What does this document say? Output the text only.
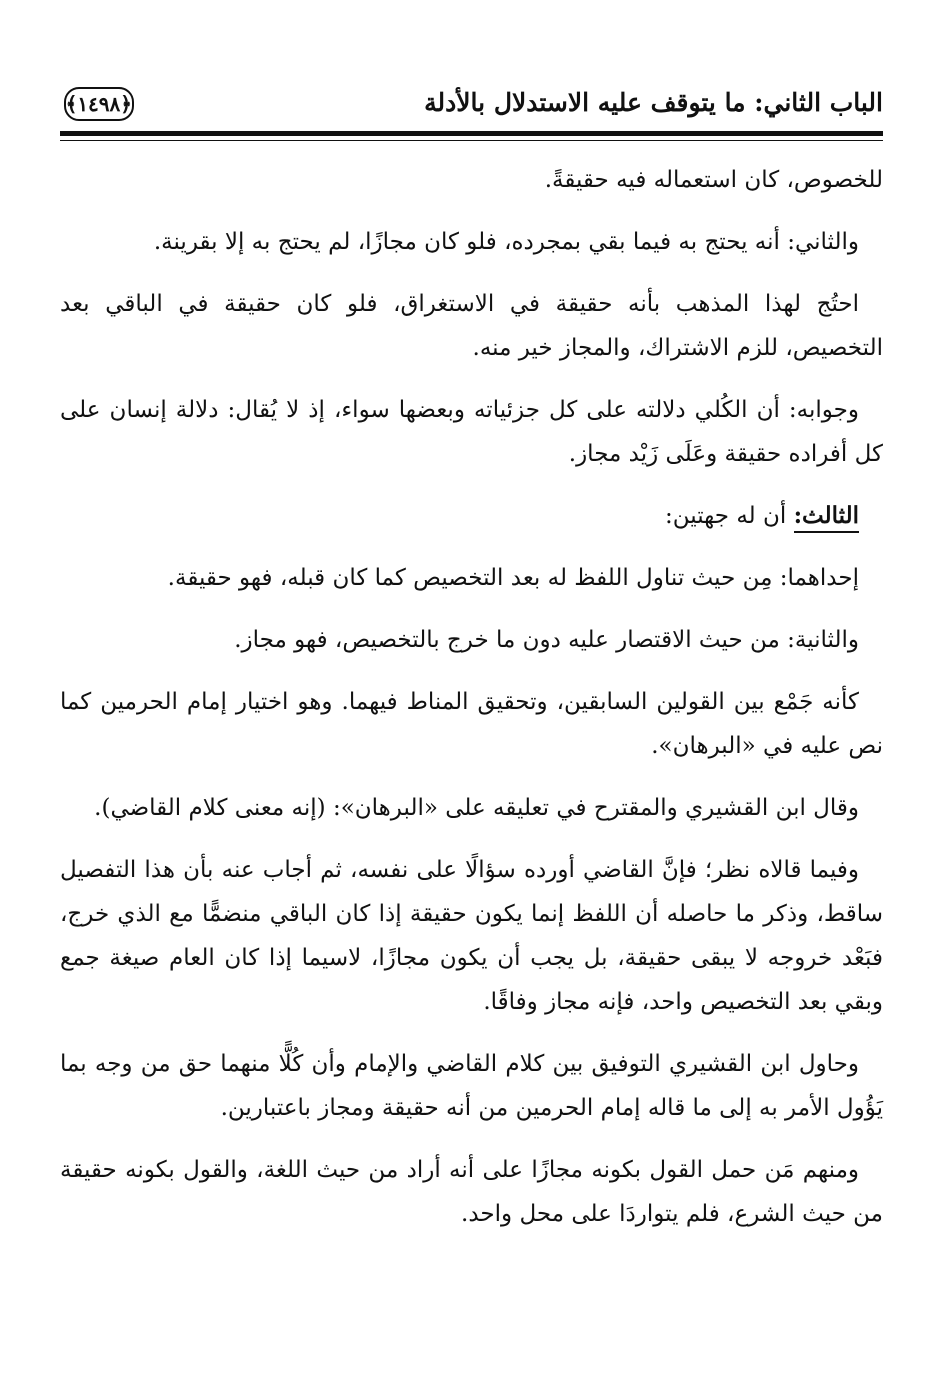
الباب الثاني: ما يتوقف عليه الاستدلال بالأدلة
﴿١٤٩٨﴾

للخصوص، كان استعماله فيه حقيقةً.

والثاني: أنه يحتج به فيما بقي بمجرده، فلو كان مجازًا، لم يحتج به إلا بقرينة.

احتُج لهذا المذهب بأنه حقيقة في الاستغراق، فلو كان حقيقة في الباقي بعد التخصيص، للزم الاشتراك، والمجاز خير منه.

وجوابه: أن الكُلي دلالته على كل جزئياته وبعضها سواء، إذ لا يُقال: دلالة إنسان على كل أفراده حقيقة وعَلَى زَيْد مجاز.

الثالث: أن له جهتين:

إحداهما: مِن حيث تناول اللفظ له بعد التخصيص كما كان قبله، فهو حقيقة.

والثانية: من حيث الاقتصار عليه دون ما خرج بالتخصيص، فهو مجاز.

كأنه جَمْع بين القولين السابقين، وتحقيق المناط فيهما. وهو اختيار إمام الحرمين كما نص عليه في «البرهان».

وقال ابن القشيري والمقترح في تعليقه على «البرهان»: (إنه معنى كلام القاضي).

وفيما قالاه نظر؛ فإنَّ القاضي أورده سؤالًا على نفسه، ثم أجاب عنه بأن هذا التفصيل ساقط، وذكر ما حاصله أن اللفظ إنما يكون حقيقة إذا كان الباقي منضمًّا مع الذي خرج، فبَعْد خروجه لا يبقى حقيقة، بل يجب أن يكون مجازًا، لاسيما إذا كان العام صيغة جمع وبقي بعد التخصيص واحد، فإنه مجاز وفاقًا.

وحاول ابن القشيري التوفيق بين كلام القاضي والإمام وأن كُلًّا منهما حق من وجه بما يَؤُول الأمر به إلى ما قاله إمام الحرمين من أنه حقيقة ومجاز باعتبارين.

ومنهم مَن حمل القول بكونه مجازًا على أنه أراد من حيث اللغة، والقول بكونه حقيقة من حيث الشرع، فلم يتواردَا على محل واحد.
